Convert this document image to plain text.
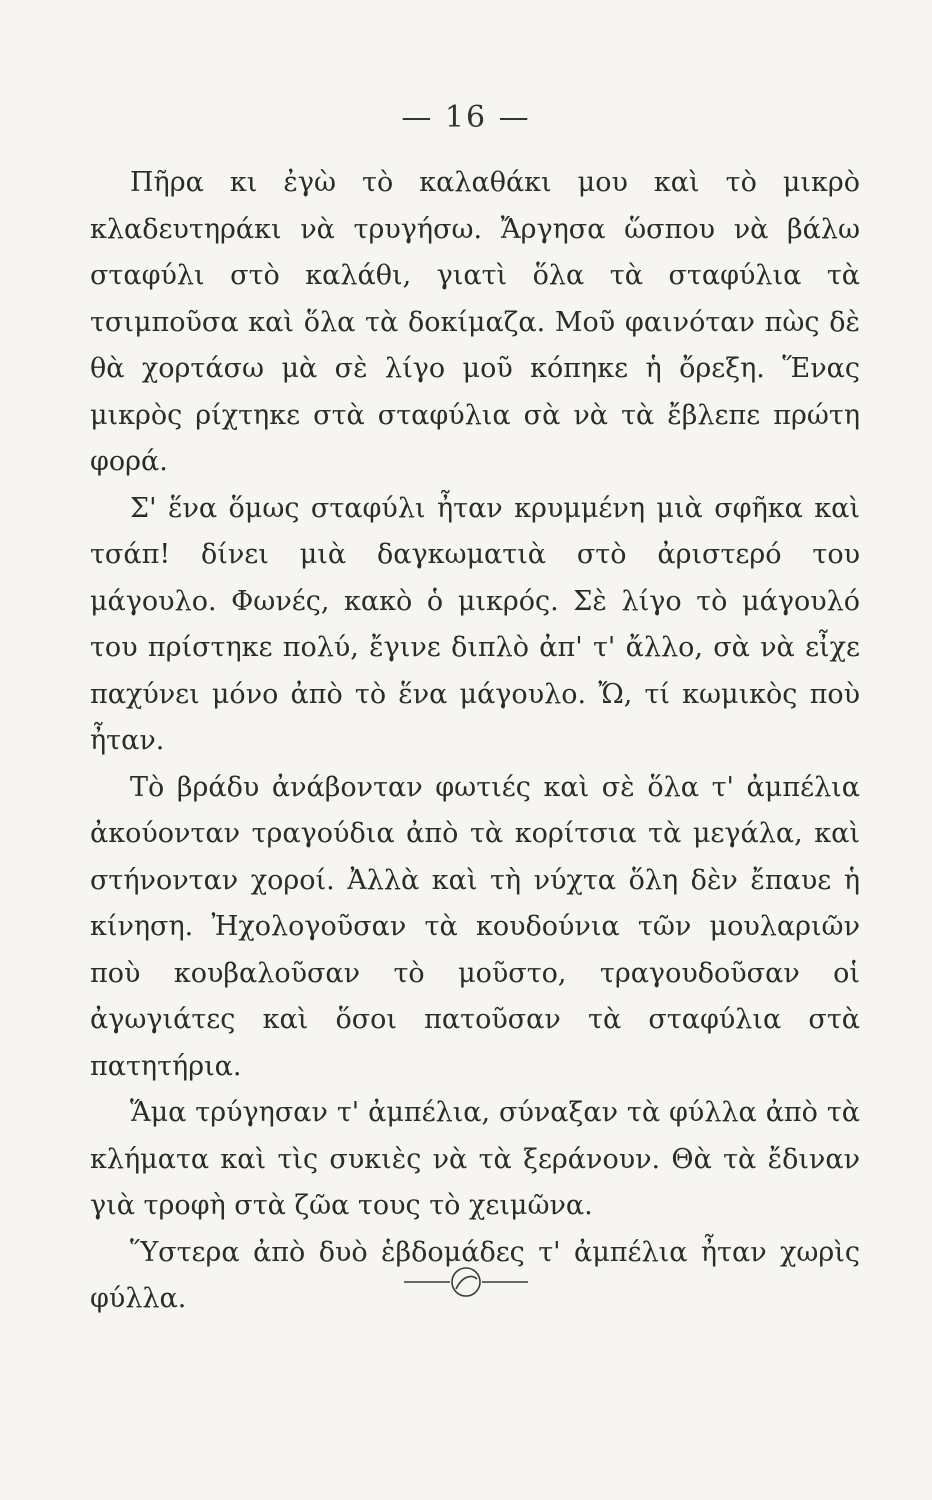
— 16 —

Πῆρα κι ἐγὼ τὸ καλαθάκι μου καὶ τὸ μικρὸ κλαδευτηράκι νὰ τρυγήσω. Ἄργησα ὥσπου νὰ βάλω σταφύλι στὸ καλάθι, γιατὶ ὅλα τὰ σταφύλια τὰ τσιμποῦσα καὶ ὅλα τὰ δοκίμαζα. Μοῦ φαινόταν πὼς δὲ θὰ χορτάσω μὰ σὲ λίγο μοῦ κόπηκε ἡ ὄρεξη. Ἕνας μικρὸς ρίχτηκε στὰ σταφύλια σὰ νὰ τὰ ἔβλεπε πρώτη φορά.

Σ' ἕνα ὅμως σταφύλι ἦταν κρυμμένη μιὰ σφῆκα καὶ τσάπ! δίνει μιὰ δαγκωματιὰ στὸ ἀριστερό του μάγουλο. Φωνές, κακὸ ὁ μικρός. Σὲ λίγο τὸ μάγουλό του πρίστηκε πολύ, ἔγινε διπλὸ ἀπ' τ' ἄλλο, σὰ νὰ εἶχε παχύνει μόνο ἀπὸ τὸ ἕνα μάγουλο. Ὤ, τί κωμικὸς ποὺ ἦταν.

Τὸ βράδυ ἀνάβονταν φωτιές καὶ σὲ ὅλα τ' ἀμπέλια ἀκούονταν τραγούδια ἀπὸ τὰ κορίτσια τὰ μεγάλα, καὶ στήνονταν χοροί. Ἀλλὰ καὶ τὴ νύχτα ὅλη δὲν ἔπαυε ἡ κίνηση. Ἠχολογοῦσαν τὰ κουδούνια τῶν μουλαριῶν ποὺ κουβαλοῦσαν τὸ μοῦστο, τραγουδοῦσαν οἱ ἀγωγιάτες καὶ ὅσοι πατοῦσαν τὰ σταφύλια στὰ πατητήρια.

Ἅμα τρύγησαν τ' ἀμπέλια, σύναξαν τὰ φύλλα ἀπὸ τὰ κλήματα καὶ τὶς συκιὲς νὰ τὰ ξεράνουν. Θὰ τὰ ἔδιναν γιὰ τροφὴ στὰ ζῶα τους τὸ χειμῶνα.

Ὕστερα ἀπὸ δυὸ ἑβδομάδες τ' ἀμπέλια ἦταν χωρὶς φύλλα.
